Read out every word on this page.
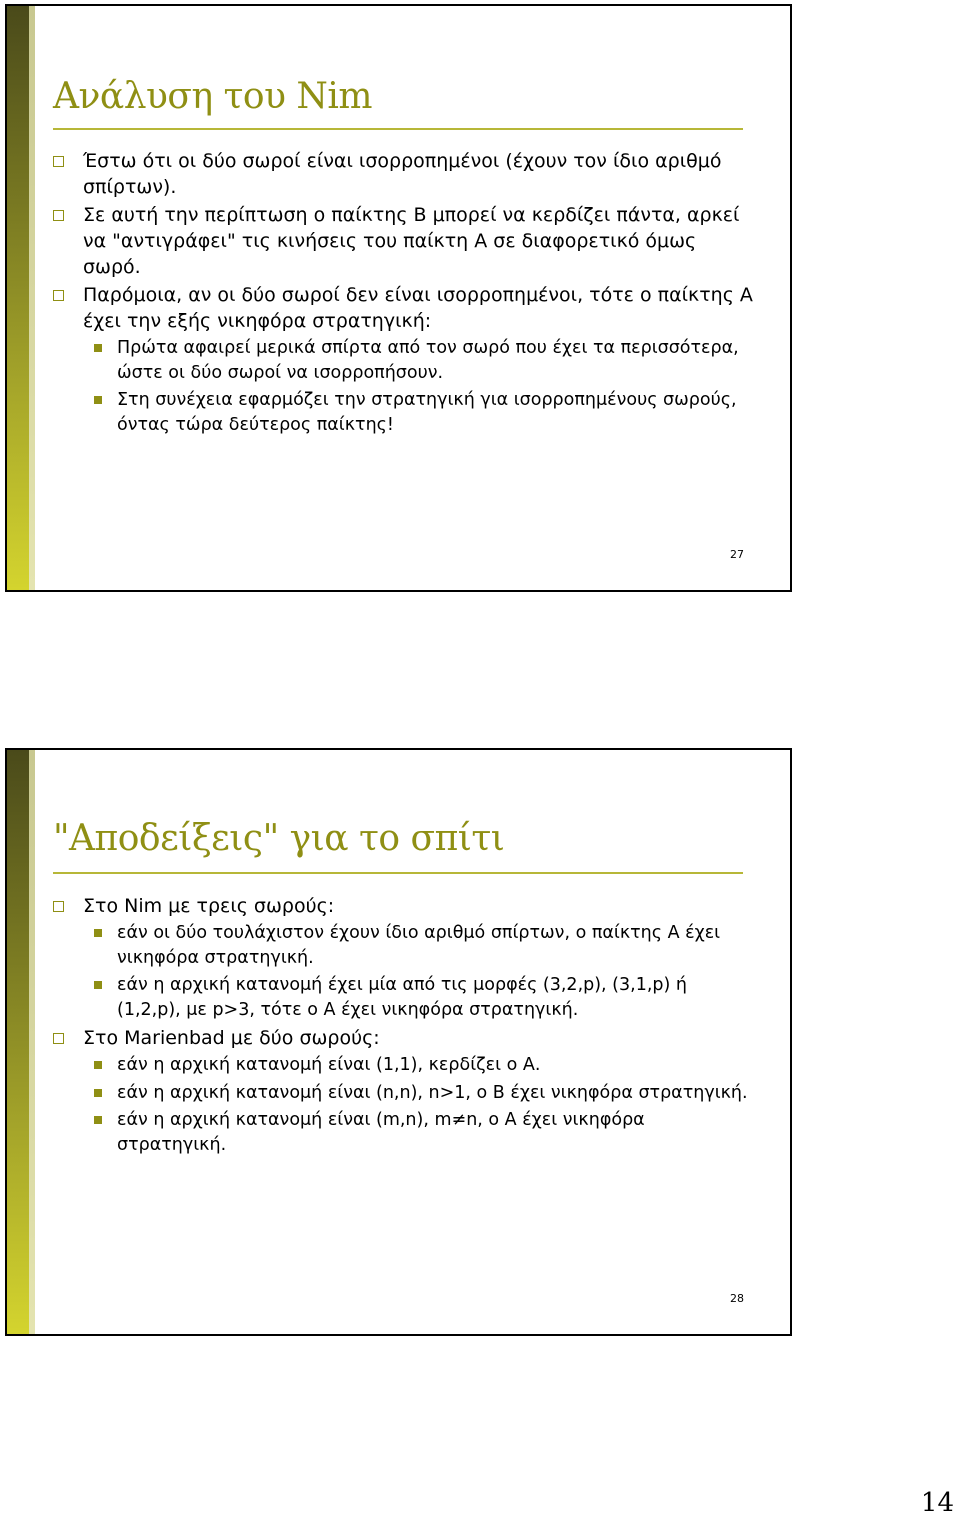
Ανάλυση του Nim
Έστω ότι οι δύο σωροί είναι ισορροπημένοι (έχουν τον ίδιο αριθμό σπίρτων).
Σε αυτή την περίπτωση ο παίκτης Β μπορεί να κερδίζει πάντα, αρκεί να "αντιγράφει" τις κινήσεις του παίκτη Α σε διαφορετικό όμως σωρό.
Παρόμοια, αν οι δύο σωροί δεν είναι ισορροπημένοι, τότε ο παίκτης Α έχει την εξής νικηφόρα στρατηγική:
Πρώτα αφαιρεί μερικά σπίρτα από τον σωρό που έχει τα περισσότερα, ώστε οι δύο σωροί να ισορροπήσουν.
Στη συνέχεια εφαρμόζει την στρατηγική για ισορροπημένους σωρούς, όντας τώρα δεύτερος παίκτης!
27
"Αποδείξεις" για το σπίτι
Στο Nim με τρεις σωρούς:
εάν οι δύο τουλάχιστον έχουν ίδιο αριθμό σπίρτων, ο παίκτης Α έχει νικηφόρα στρατηγική.
εάν η αρχική κατανομή έχει μία από τις μορφές (3,2,p), (3,1,p) ή (1,2,p), με p>3, τότε ο Α έχει νικηφόρα στρατηγική.
Στο Marienbad με δύο σωρούς:
εάν η αρχική κατανομή είναι (1,1), κερδίζει ο Α.
εάν η αρχική κατανομή είναι (n,n), n>1, ο Β έχει νικηφόρα στρατηγική.
εάν η αρχική κατανομή είναι (m,n), m≠n, ο Α έχει νικηφόρα στρατηγική.
28
14
